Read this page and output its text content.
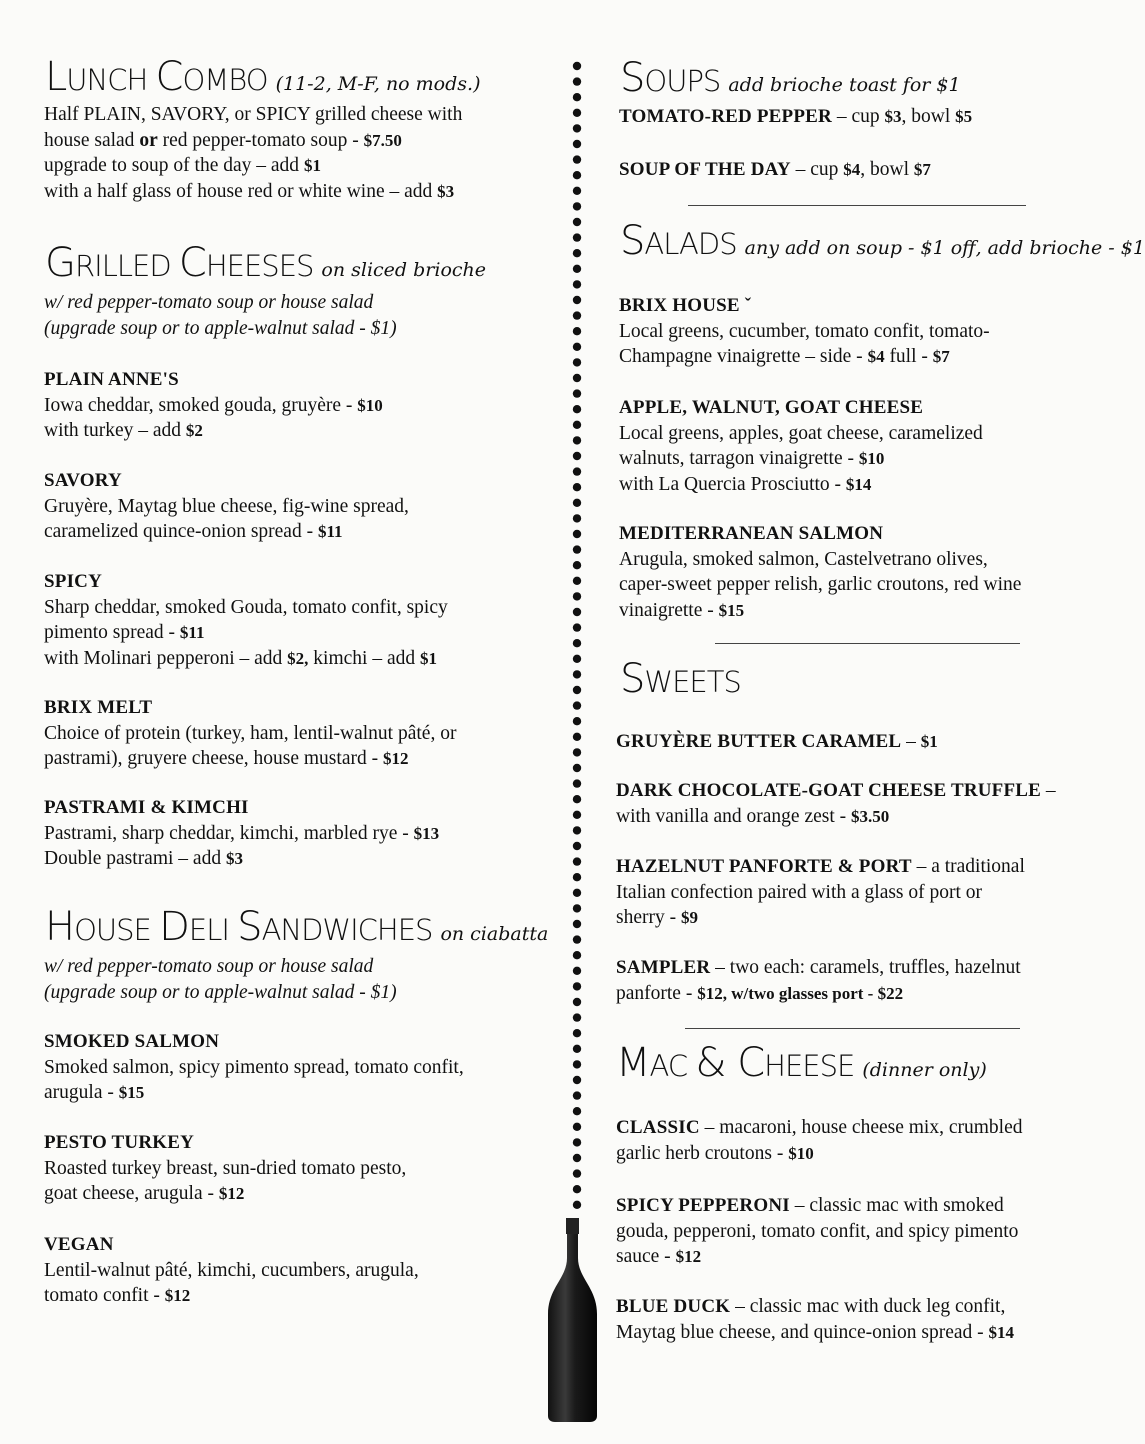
LUNCH COMBO (11-2, M-F, no mods.)
Half PLAIN, SAVORY, or SPICY grilled cheese with
house salad or red pepper-tomato soup - $7.50
upgrade to soup of the day – add $1
with a half glass of house red or white wine – add $3
GRILLED CHEESES on sliced brioche
w/ red pepper-tomato soup or house salad
(upgrade soup or to apple-walnut salad - $1)
PLAIN ANNE'S
Iowa cheddar, smoked gouda, gruyère - $10
with turkey – add $2
SAVORY
Gruyère, Maytag blue cheese, fig-wine spread,
caramelized quince-onion spread - $11
SPICY
Sharp cheddar, smoked Gouda, tomato confit, spicy
pimento spread - $11
with Molinari pepperoni – add $2, kimchi – add $1
BRIX MELT
Choice of protein (turkey, ham, lentil-walnut pâté, or
pastrami), gruyere cheese, house mustard - $12
PASTRAMI & KIMCHI
Pastrami, sharp cheddar, kimchi, marbled rye - $13
Double pastrami – add $3
HOUSE DELI SANDWICHES on ciabatta
w/ red pepper-tomato soup or house salad
(upgrade soup or to apple-walnut salad - $1)
SMOKED SALMON
Smoked salmon, spicy pimento spread, tomato confit,
arugula - $15
PESTO TURKEY
Roasted turkey breast, sun-dried tomato pesto,
goat cheese, arugula - $12
VEGAN
Lentil-walnut pâté, kimchi, cucumbers, arugula,
tomato confit - $12
SOUPS add brioche toast for $1
TOMATO-RED PEPPER – cup $3, bowl $5
SOUP OF THE DAY – cup $4, bowl $7
SALADS any add on soup - $1 off, add brioche - $1
BRIX HOUSE ˇ
Local greens, cucumber, tomato confit, tomato-
Champagne vinaigrette – side - $4 full - $7
APPLE, WALNUT, GOAT CHEESE
Local greens, apples, goat cheese, caramelized
walnuts, tarragon vinaigrette - $10
with La Quercia Prosciutto - $14
MEDITERRANEAN SALMON
Arugula, smoked salmon, Castelvetrano olives,
caper-sweet pepper relish, garlic croutons, red wine
vinaigrette - $15
SWEETS
GRUYÈRE BUTTER CARAMEL – $1
DARK CHOCOLATE-GOAT CHEESE TRUFFLE –
with vanilla and orange zest - $3.50
HAZELNUT PANFORTE & PORT – a traditional
Italian confection paired with a glass of port or
sherry - $9
SAMPLER – two each: caramels, truffles, hazelnut
panforte - $12, w/two glasses port - $22
MAC & CHEESE (dinner only)
CLASSIC – macaroni, house cheese mix, crumbled
garlic herb croutons - $10
SPICY PEPPERONI – classic mac with smoked
gouda, pepperoni, tomato confit, and spicy pimento
sauce - $12
BLUE DUCK – classic mac with duck leg confit,
Maytag blue cheese, and quince-onion spread - $14
